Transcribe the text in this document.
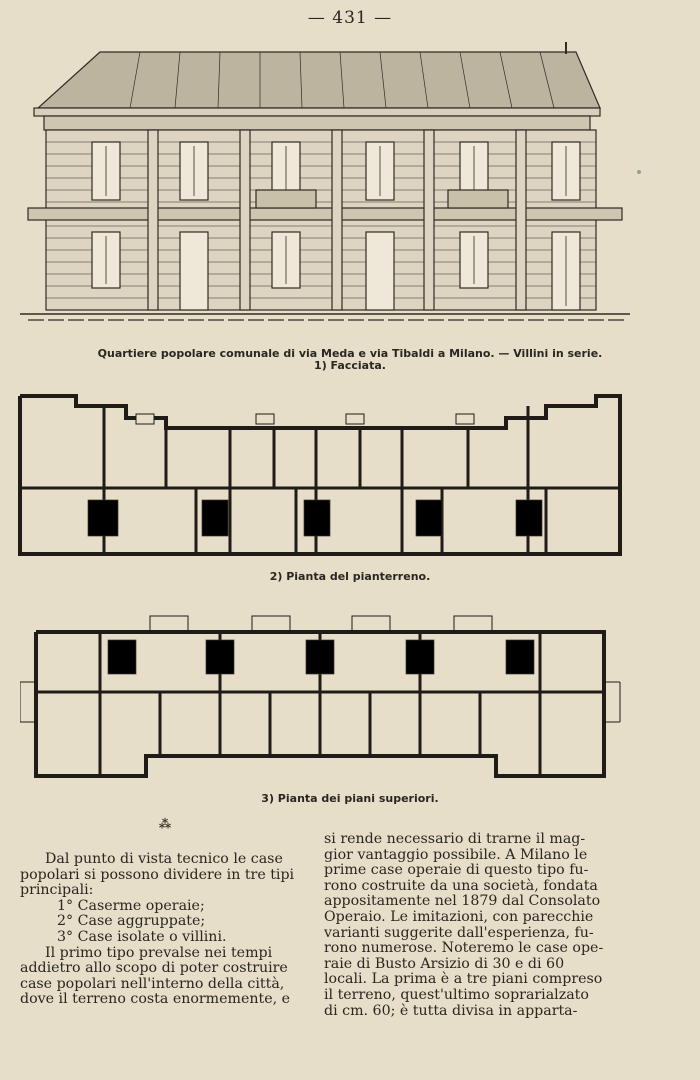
— 431 —
Quartiere popolare comunale di via Meda e via Tibaldi a Milano. — Villini in serie.
1) Facciata.
2) Pianta del pianterreno.
3) Pianta dei piani superiori.
⁂

Dal punto di vista tecnico le case
popolari si possono dividere in tre tipi
principali:

1° Caserme operaie;
2° Case aggruppate;
3° Case isolate o villini.

Il primo tipo prevalse nei tempi
addietro allo scopo di poter costruire
case popolari nell'interno della città,
dove il terreno costa enormemente, e

si rende necessario di trarne il mag-
gior vantaggio possibile. A Milano le
prime case operaie di questo tipo fu-
rono costruite da una società, fondata
appositamente nel 1879 dal Consolato
Operaio. Le imitazioni, con parecchie
varianti suggerite dall'esperienza, fu-
rono numerose. Noteremo le case ope-
raie di Busto Arsizio di 30 e di 60
locali. La prima è a tre piani compreso
il terreno, quest'ultimo soprarialzato
di cm. 60; è tutta divisa in apparta-
